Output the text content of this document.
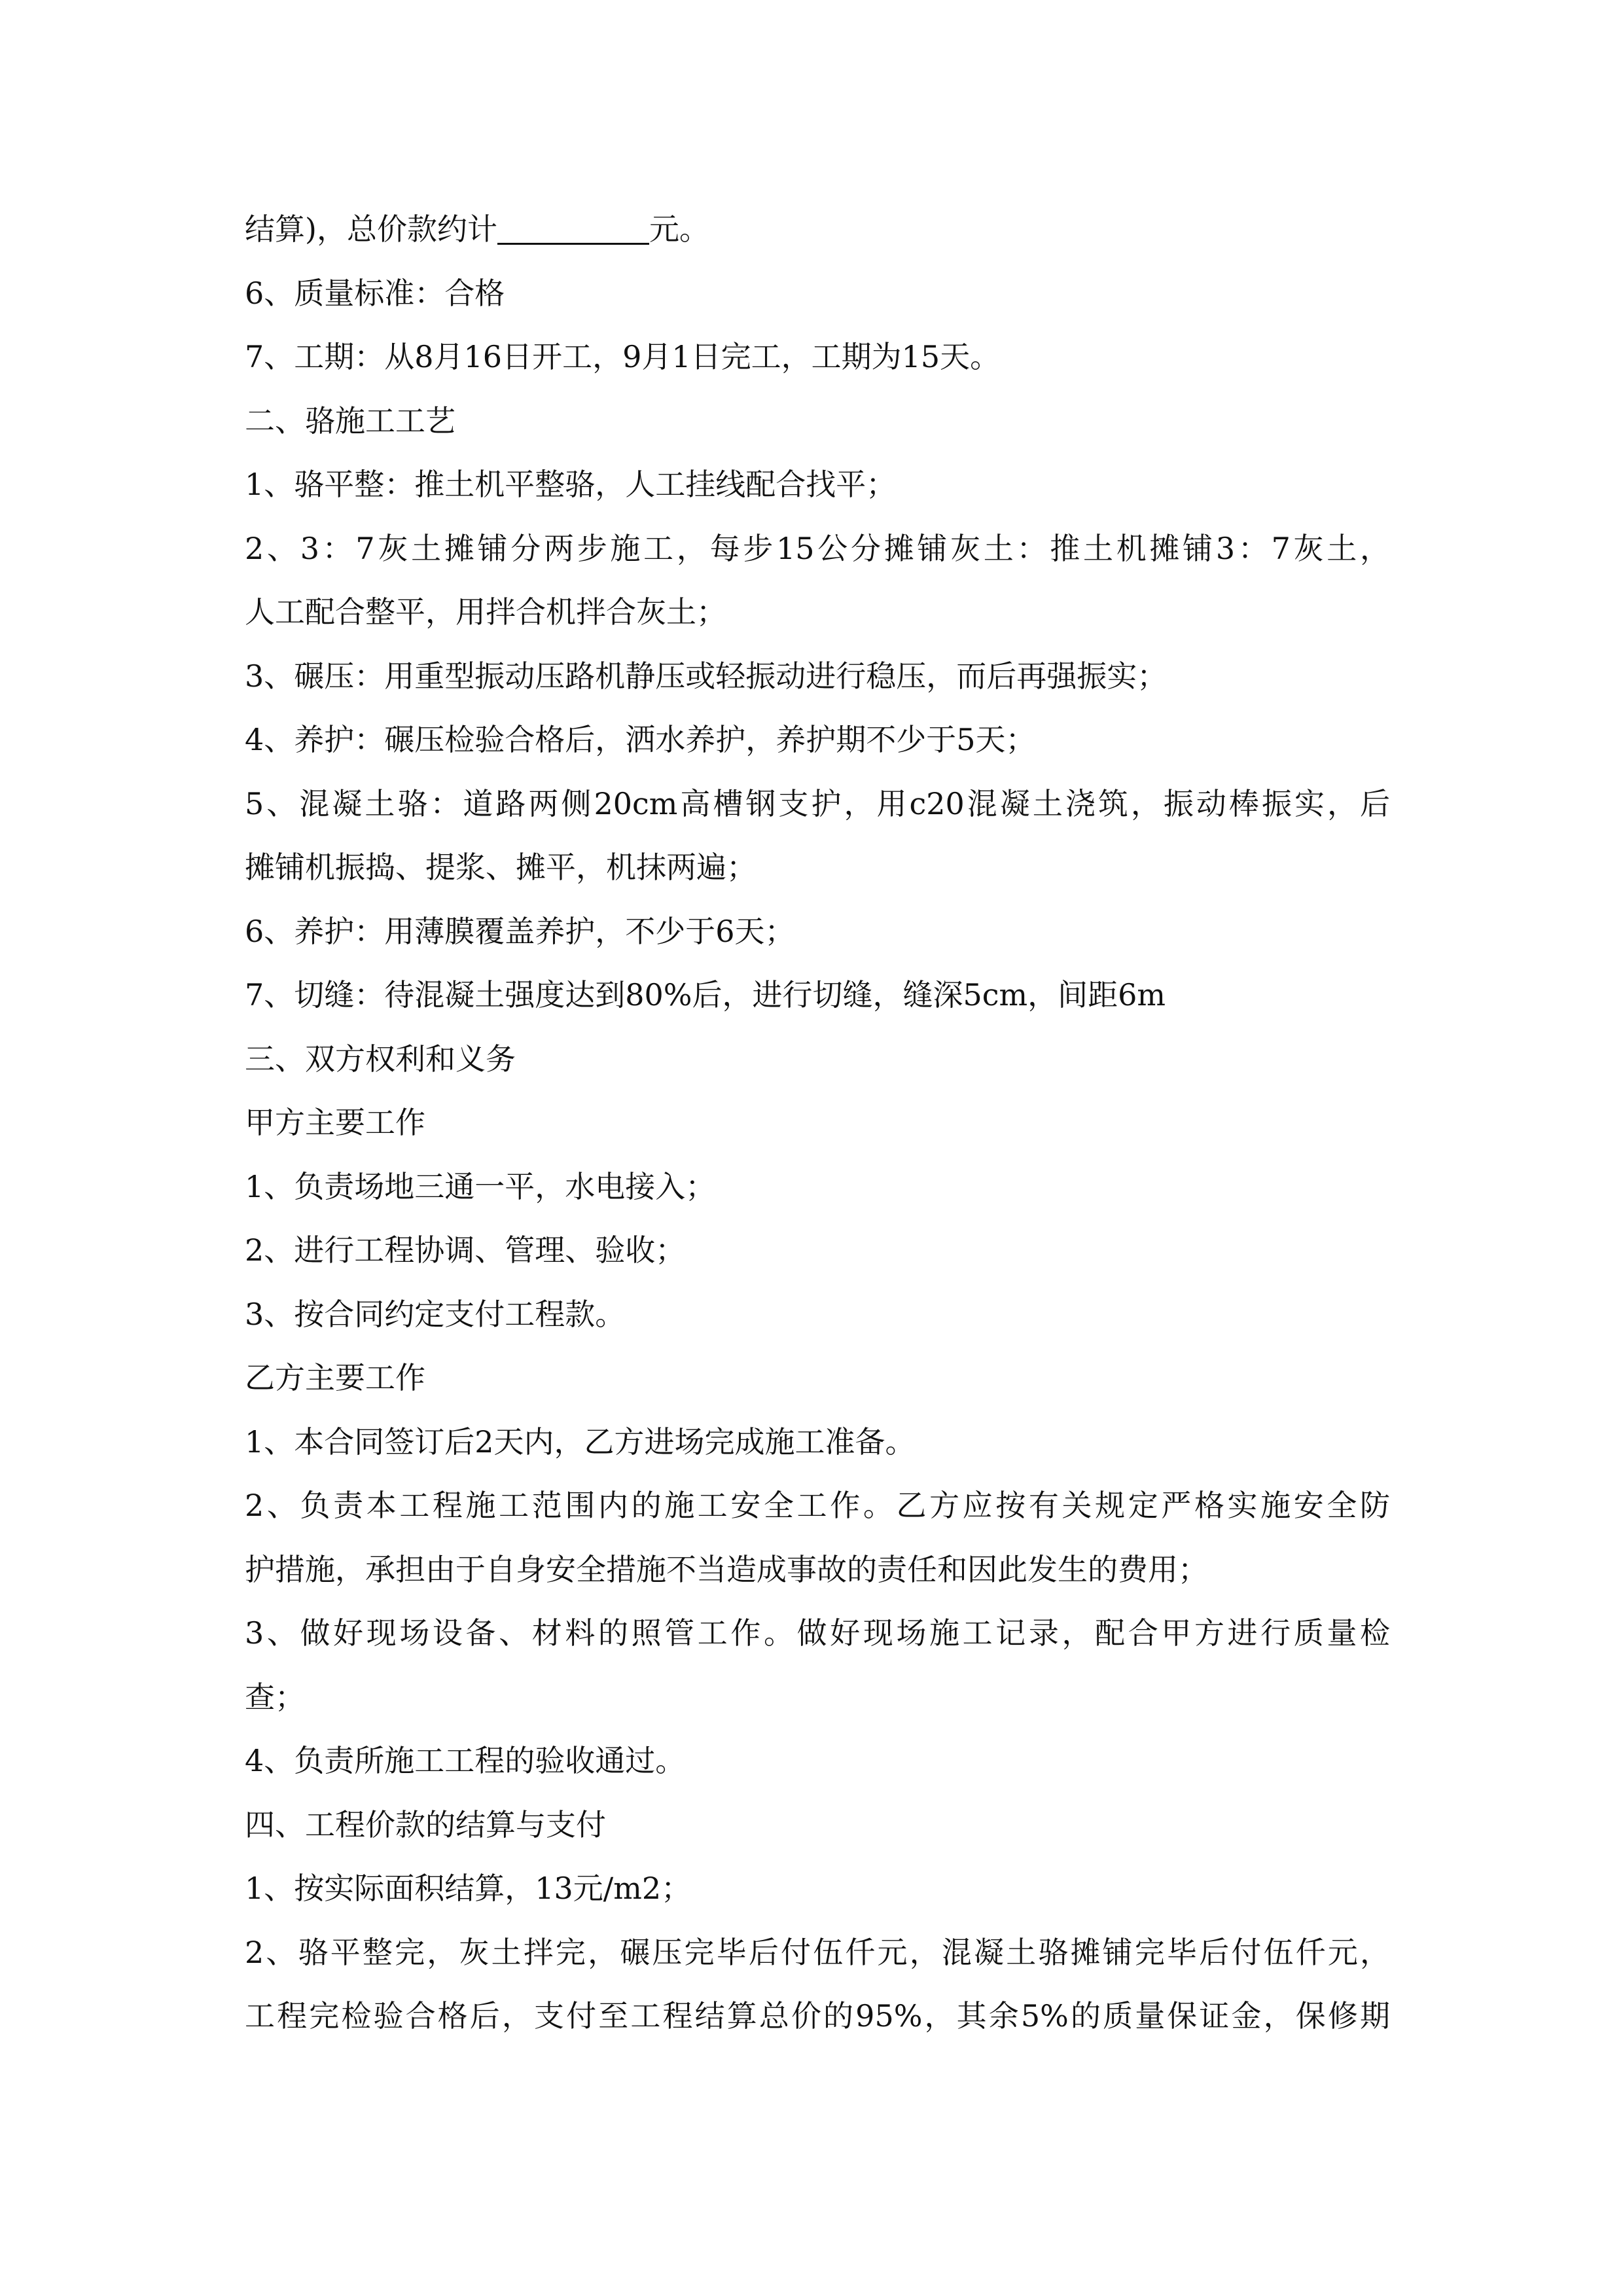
结算)，总价款约计	元。
6、质量标准：合格
7、工期：从8月16日开工，9月1日完工，工期为15天。
二、骆施工工艺
1、骆平整：推土机平整骆，人工挂线配合找平；
2、3：7灰土摊铺分两步施工，每步15公分摊铺灰土：推土机摊铺3：7灰土，
人工配合整平，用拌合机拌合灰土；
3、碾压：用重型振动压路机静压或轻振动进行稳压，而后再强振实；
4、养护：碾压检验合格后，洒水养护，养护期不少于5天；
5、混凝土骆：道路两侧20cm高槽钢支护，用c20混凝土浇筑，振动棒振实，后
摊铺机振捣、提浆、摊平，机抹两遍；
6、养护：用薄膜覆盖养护，不少于6天；
7、切缝：待混凝土强度达到80%后，进行切缝，缝深5cm，间距6m
三、双方权利和义务
甲方主要工作
1、负责场地三通一平，水电接入；
2、进行工程协调、管理、验收；
3、按合同约定支付工程款。
乙方主要工作
1、本合同签订后2天内，乙方进场完成施工准备。
2、负责本工程施工范围内的施工安全工作。乙方应按有关规定严格实施安全防
护措施，承担由于自身安全措施不当造成事故的责任和因此发生的费用；
3、做好现场设备、材料的照管工作。做好现场施工记录，配合甲方进行质量检
查；
4、负责所施工工程的验收通过。
四、工程价款的结算与支付
1、按实际面积结算，13元/m2；
2、骆平整完，灰土拌完，碾压完毕后付伍仟元，混凝土骆摊铺完毕后付伍仟元，
工程完检验合格后，支付至工程结算总价的95%，其余5%的质量保证金，保修期
